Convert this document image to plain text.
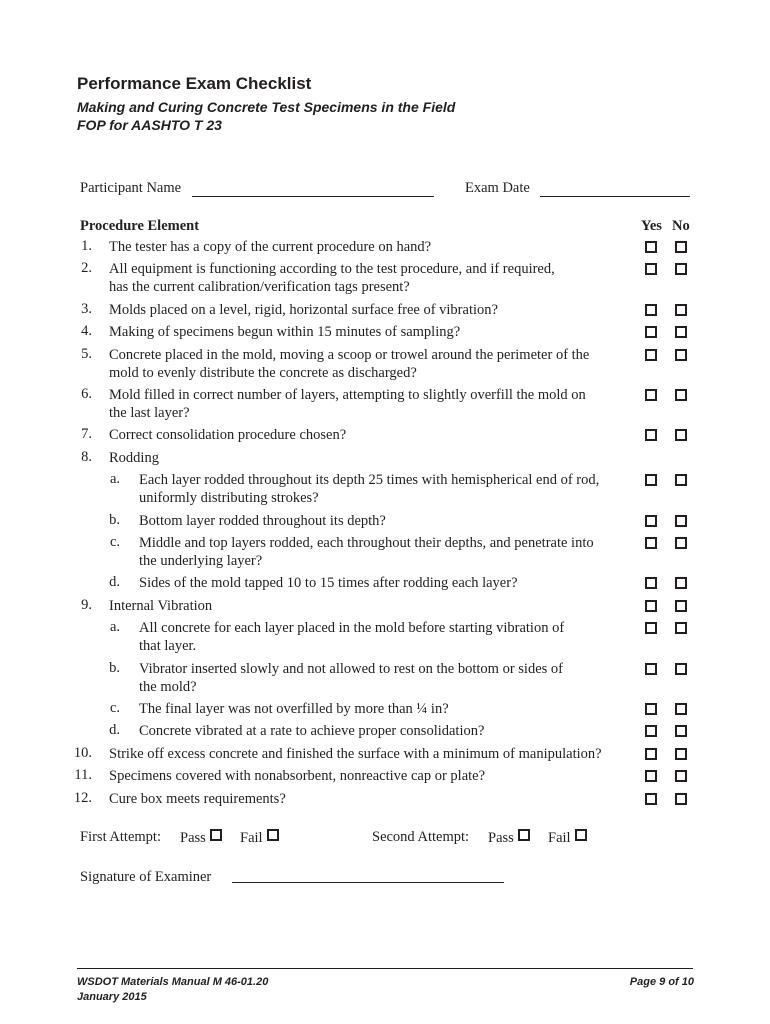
Performance Exam Checklist
Making and Curing Concrete Test Specimens in the Field
FOP for AASHTO T 23
Participant Name	Exam Date
Procedure Element	Yes No
1. The tester has a copy of the current procedure on hand?
2. All equipment is functioning according to the test procedure, and if required,
has the current calibration/verification tags present?
3. Molds placed on a level, rigid, horizontal surface free of vibration?
4. Making of specimens begun within 15 minutes of sampling?
5. Concrete placed in the mold, moving a scoop or trowel around the perimeter of the
mold to evenly distribute the concrete as discharged?
6. Mold filled in correct number of layers, attempting to slightly overfill the mold on
the last layer?
7. Correct consolidation procedure chosen?
8. Rodding
a. Each layer rodded throughout its depth 25 times with hemispherical end of rod,
uniformly distributing strokes?
b. Bottom layer rodded throughout its depth?
c. Middle and top layers rodded, each throughout their depths, and penetrate into
the underlying layer?
d. Sides of the mold tapped 10 to 15 times after rodding each layer?
9. Internal Vibration
a. All concrete for each layer placed in the mold before starting vibration of
that layer.
b. Vibrator inserted slowly and not allowed to rest on the bottom or sides of
the mold?
c. The final layer was not overfilled by more than ¼ in?
d. Concrete vibrated at a rate to achieve proper consolidation?
10. Strike off excess concrete and finished the surface with a minimum of manipulation?
11. Specimens covered with nonabsorbent, nonreactive cap or plate?
12. Cure box meets requirements?
First Attempt: Pass	Fail	Second Attempt: Pass	Fail
Signature of Examiner
WSDOT Materials Manual M 46-01.20
January 2015
Page 9 of 10
